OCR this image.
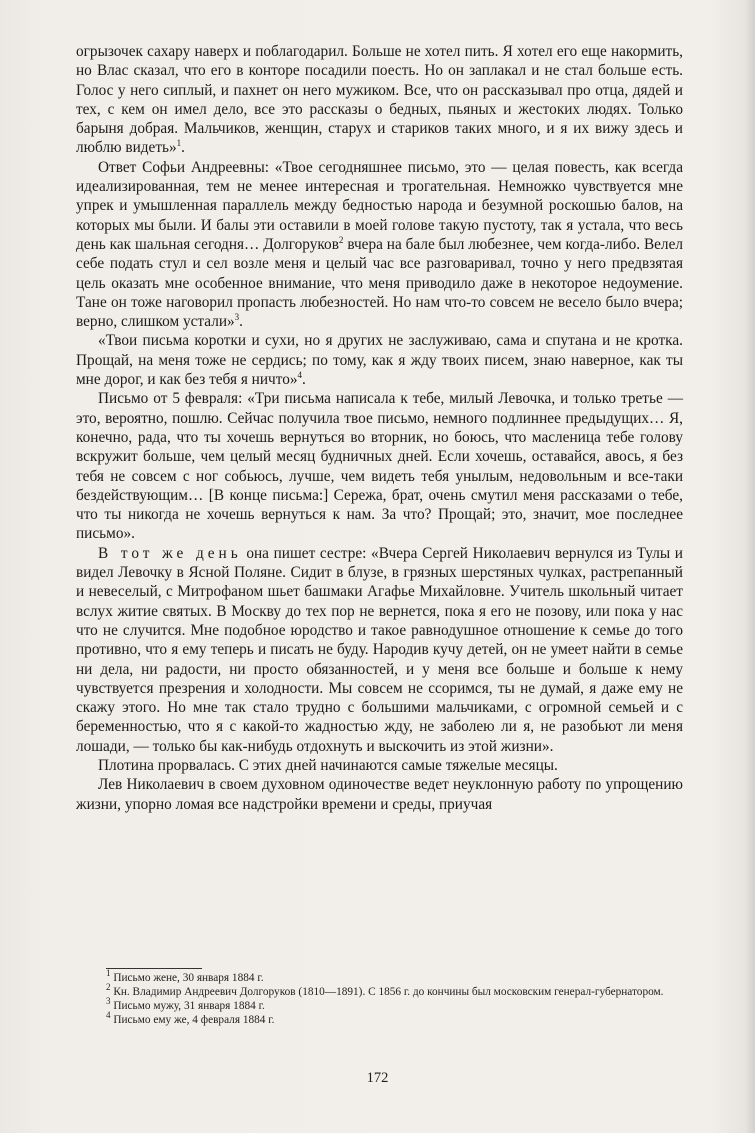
огрызочек сахару наверх и поблагодарил. Больше не хотел пить. Я хотел его еще накормить, но Влас сказал, что его в конторе посадили поесть. Но он заплакал и не стал больше есть. Голос у него сиплый, и пахнет он него мужиком. Все, что он рассказывал про отца, дядей и тех, с кем он имел дело, все это рассказы о бедных, пьяных и жестоких людях. Только барыня добрая. Мальчиков, женщин, старух и стариков таких много, и я их вижу здесь и люблю видеть»$^1$.

Ответ Софьи Андреевны: «Твое сегодняшнее письмо, это — целая повесть, как всегда идеализированная, тем не менее интересная и трогательная. Немножко чувствуется мне упрек и умышленная параллель между бедностью народа и безумной роскошью балов, на которых мы были. И балы эти оставили в моей голове такую пустоту, так я устала, что весь день как шальная сегодня… Долгоруков$^2$ вчера на бале был любезнее, чем когда-либо. Велел себе подать стул и сел возле меня и целый час все разговаривал, точно у него предвзятая цель оказать мне особенное внимание, что меня приводило даже в некоторое недоумение. Тане он тоже наговорил пропасть любезностей. Но нам что-то совсем не весело было вчера; верно, слишком устали»$^3$.

«Твои письма коротки и сухи, но я других не заслуживаю, сама и спутана и не кротка. Прощай, на меня тоже не сердись; по тому, как я жду твоих писем, знаю наверное, как ты мне дорог, и как без тебя я ничто»$^4$.

Письмо от 5 февраля: «Три письма написала к тебе, милый Левочка, и только третье — это, вероятно, пошлю. Сейчас получила твое письмо, немного подлиннее предыдущих… Я, конечно, рада, что ты хочешь вернуться во вторник, но боюсь, что масленица тебе голову вскружит больше, чем целый месяц будничных дней. Если хочешь, оставайся, авось, я без тебя не совсем с ног собьюсь, лучше, чем видеть тебя унылым, недовольным и все-таки бездействующим… [В конце письма:] Сережа, брат, очень смутил меня рассказами о тебе, что ты никогда не хочешь вернуться к нам. За что? Прощай; это, значит, мое последнее письмо».

В тот же день она пишет сестре: «Вчера Сергей Николаевич вернулся из Тулы и видел Левочку в Ясной Поляне. Сидит в блузе, в грязных шерстяных чулках, растрепанный и невеселый, с Митрофаном шьет башмаки Агафье Михайловне. Учитель школьный читает вслух житие святых. В Москву до тех пор не вернется, пока я его не позову, или пока у нас что не случится. Мне подобное юродство и такое равнодушное отношение к семье до того противно, что я ему теперь и писать не буду. Народив кучу детей, он не умеет найти в семье ни дела, ни радости, ни просто обязанностей, и у меня все больше и больше к нему чувствуется презрения и холодности. Мы совсем не ссоримся, ты не думай, я даже ему не скажу этого. Но мне так стало трудно с большими мальчиками, с огромной семьей и с беременностью, что я с какой-то жадностью жду, не заболею ли я, не разобьют ли меня лошади, — только бы как-нибудь отдохнуть и выскочить из этой жизни».

Плотина прорвалась. С этих дней начинаются самые тяжелые месяцы.

Лев Николаевич в своем духовном одиночестве ведет неуклонную работу по упрощению жизни, упорно ломая все надстройки времени и среды, приучая

$^1$ Письмо жене, 30 января 1884 г.
$^2$ Кн. Владимир Андреевич Долгоруков (1810—1891). С 1856 г. до кончины был московским генерал-губернатором.
$^3$ Письмо мужу, 31 января 1884 г.
$^4$ Письмо ему же, 4 февраля 1884 г.
172
